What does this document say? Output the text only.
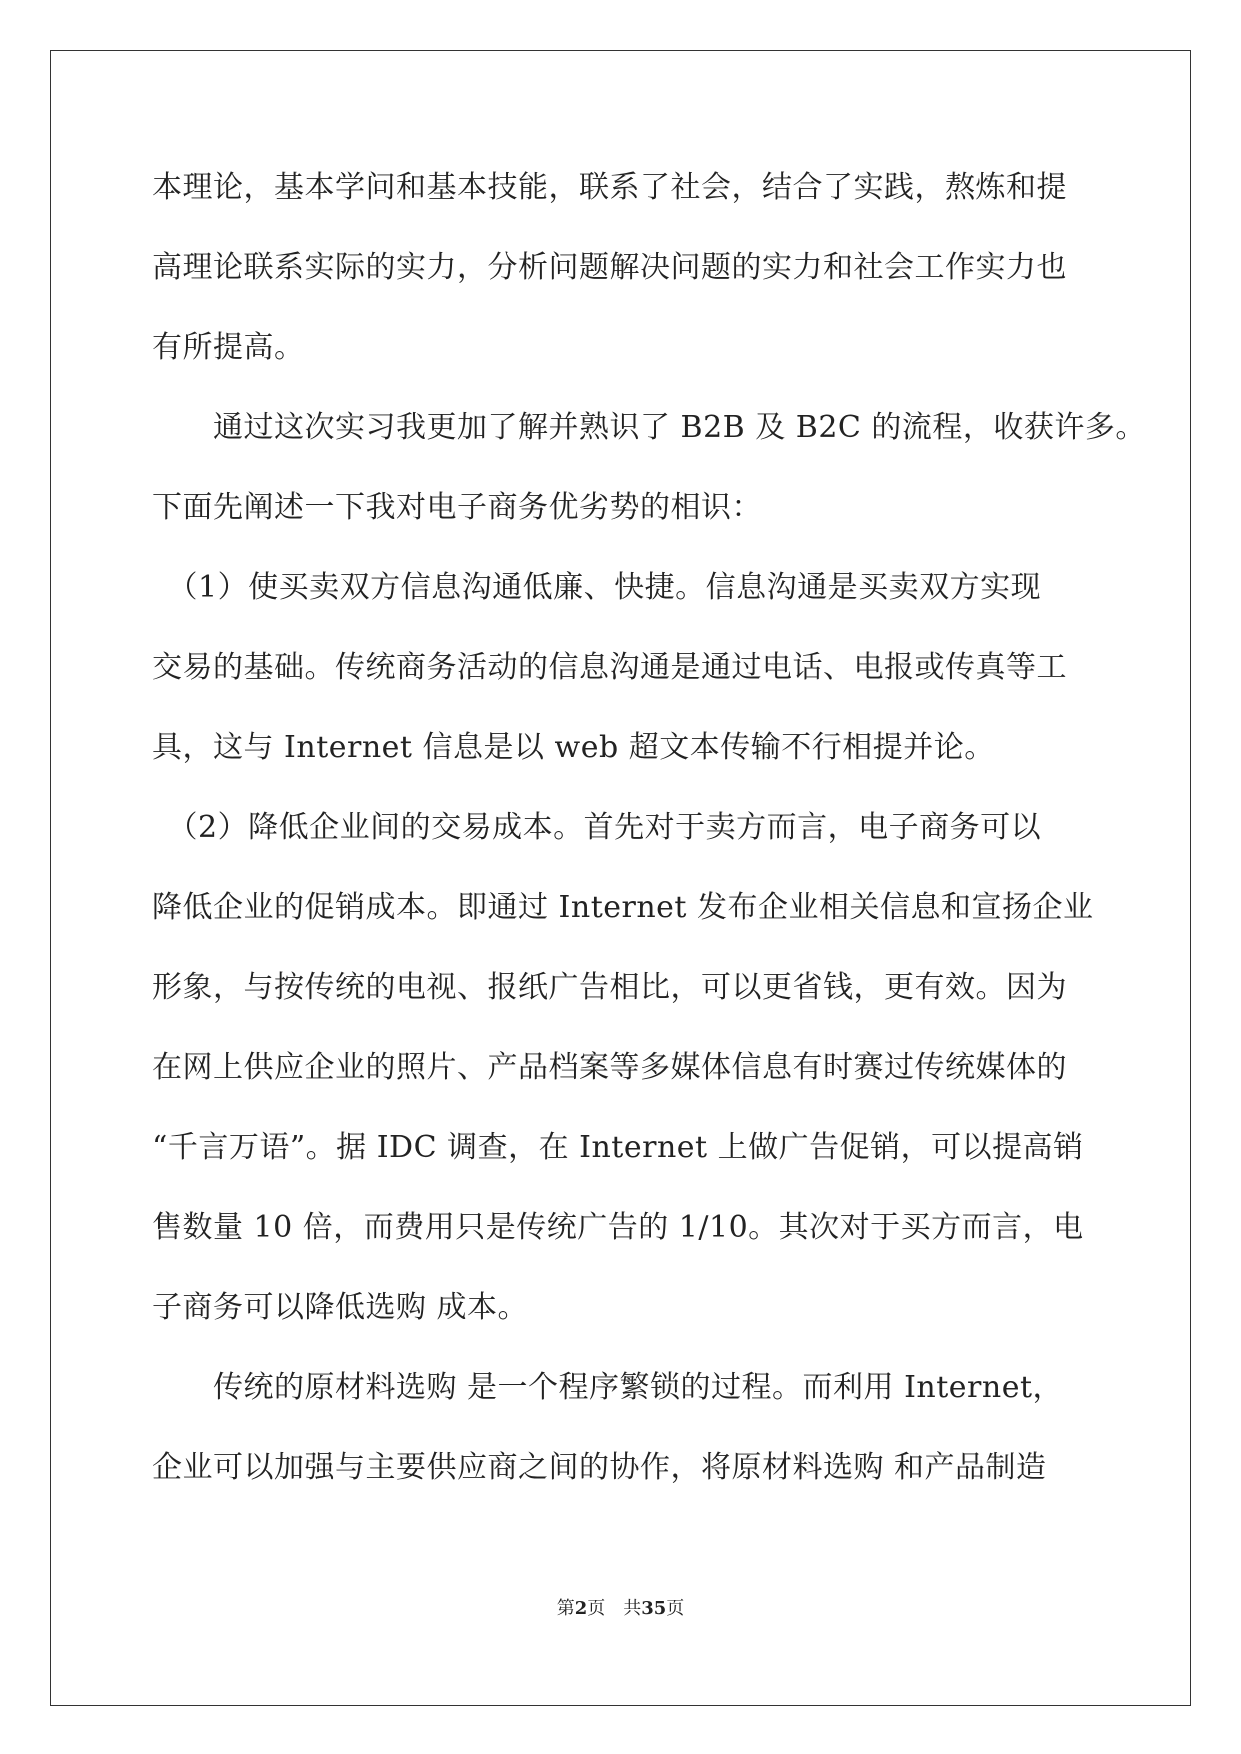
本理论，基本学问和基本技能，联系了社会，结合了实践，熬炼和提
高理论联系实际的实力，分析问题解决问题的实力和社会工作实力也
有所提高。
　　通过这次实习我更加了解并熟识了 B2B 及 B2C 的流程，收获许多。
下面先阐述一下我对电子商务优劣势的相识：
　（1）使买卖双方信息沟通低廉、快捷。信息沟通是买卖双方实现
交易的基础。传统商务活动的信息沟通是通过电话、电报或传真等工
具，这与 Internet 信息是以 web 超文本传输不行相提并论。
　（2）降低企业间的交易成本。首先对于卖方而言，电子商务可以
降低企业的促销成本。即通过 Internet 发布企业相关信息和宣扬企业
形象，与按传统的电视、报纸广告相比，可以更省钱，更有效。因为
在网上供应企业的照片、产品档案等多媒体信息有时赛过传统媒体的
“千言万语”。据 IDC 调查，在 Internet 上做广告促销，可以提高销
售数量 10 倍，而费用只是传统广告的 1/10。其次对于买方而言，电
子商务可以降低选购 成本。
　　传统的原材料选购 是一个程序繁锁的过程。而利用 Internet，
企业可以加强与主要供应商之间的协作，将原材料选购 和产品制造
第2页　共35页
